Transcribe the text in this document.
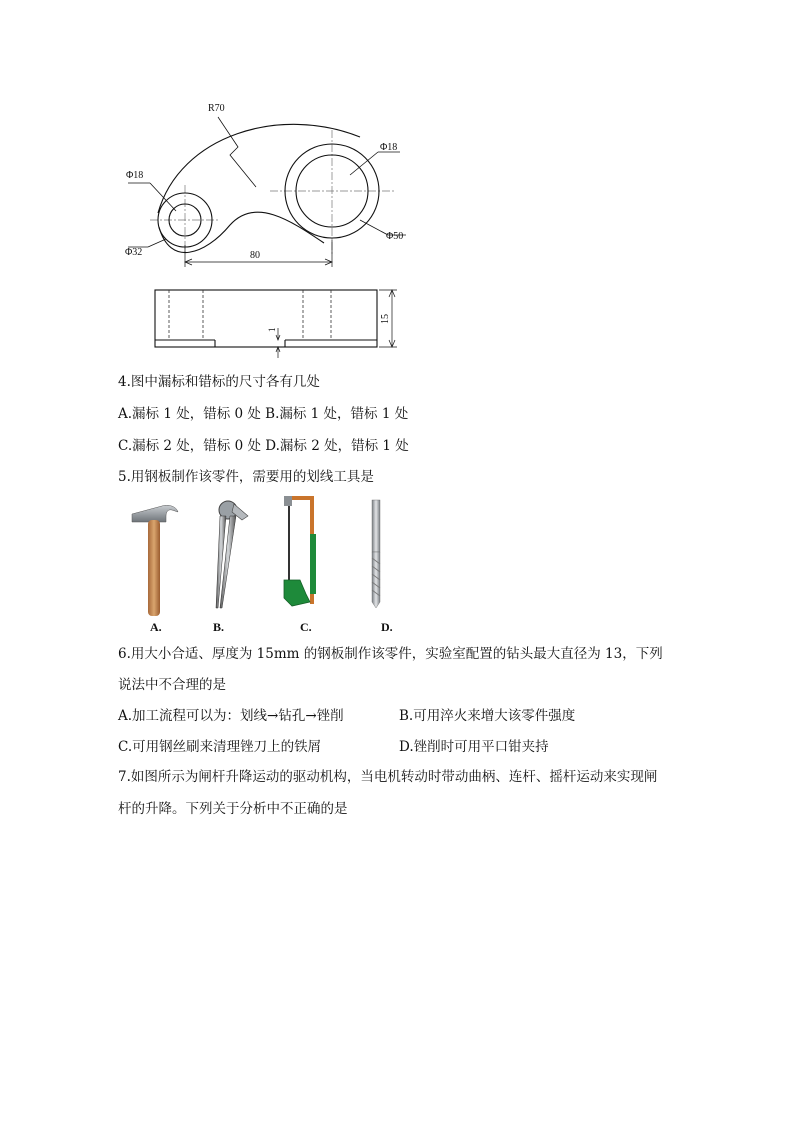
R70
Φ18
Φ32
Φ18
Φ50
80
15
1
4.图中漏标和错标的尺寸各有几处
A.漏标 1 处，错标 0 处 B.漏标 1 处，错标 1 处
C.漏标 2 处，错标 0 处 D.漏标 2 处，错标 1 处
5.用钢板制作该零件，需要用的划线工具是
A.	B.	C.	D.
6.用大小合适、厚度为 15mm 的钢板制作该零件，实验室配置的钻头最大直径为 13，下列
说法中不合理的是
A.加工流程可以为：划线→钻孔→锉削	B.可用淬火来增大该零件强度
C.可用钢丝刷来清理锉刀上的铁屑	D.锉削时可用平口钳夹持
7.如图所示为闸杆升降运动的驱动机构，当电机转动时带动曲柄、连杆、摇杆运动来实现闸
杆的升降。下列关于分析中不正确的是
